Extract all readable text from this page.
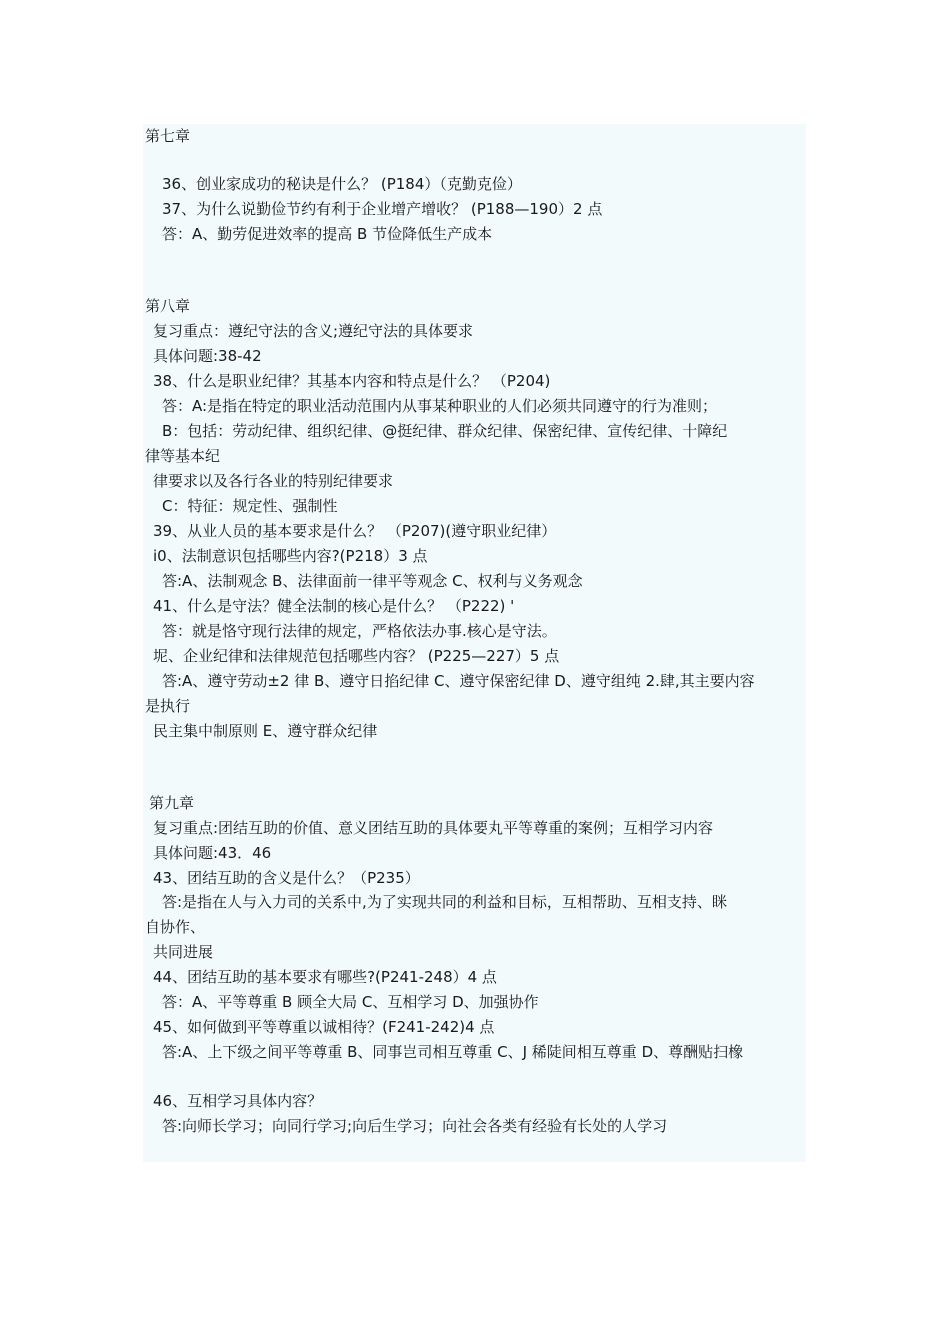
第七章
36、创业家成功的秘诀是什么？ (P184）（克勤克俭）
37、为什么说勤俭节约有利于企业增产增收？ (P188—190）2 点
答：A、勤劳促进效率的提高 B 节俭降低生产成本
第八章
复习重点：遵纪守法的含义;遵纪守法的具体要求
具体问题:38-42
38、什么是职业纪律？其基本内容和特点是什么？ （P204)
答：A:是指在特定的职业活动范围内从事某种职业的人们必须共同遵守的行为准则；
B：包括：劳动纪律、组织纪律、@挺纪律、群众纪律、保密纪律、宣传纪律、十障纪
律等基本纪
律要求以及各行各业的特别纪律要求
C：特征：规定性、强制性
39、从业人员的基本要求是什么？ （P207)(遵守职业纪律）
i0、法制意识包括哪些内容?(P218）3 点
答:A、法制观念 B、法律面前一律平等观念 C、权利与义务观念
41、什么是守法？健全法制的核心是什么？ （P222) '
答：就是恪守现行法律的规定，严格依法办事.核心是守法。
坭、企业纪律和法律规范包括哪些内容？ (P225—227）5 点
答:A、遵守劳动±2 律 B、遵守日掐纪律 C、遵守保密纪律 D、遵守组纯 2.肆,其主要内容
是执行
民主集中制原则 E、遵守群众纪律
第九章
复习重点:团结互助的价值、意义团结互助的具体要丸平等尊重的案例；互相学习内容
具体问题:43．46
43、团结互助的含义是什么？（P235）
答:是指在人与入力司的关系中,为了实现共同的利益和目标，互相帮助、互相支持、眯
自协作、
共同进展
44、团结互助的基本要求有哪些?(P241-248）4 点
答：A、平等尊重 B 顾全大局 C、互相学习 D、加强协作
45、如何做到平等尊重以诚相待？(F241-242)4 点
答:A、上下级之间平等尊重 B、同事岂司相互尊重 C、J 稀陡间相互尊重 D、尊酬贴扫橡
46、互相学习具体内容？
答:向师长学习；向同行学习;向后生学习；向社会各类有经验有长处的人学习
